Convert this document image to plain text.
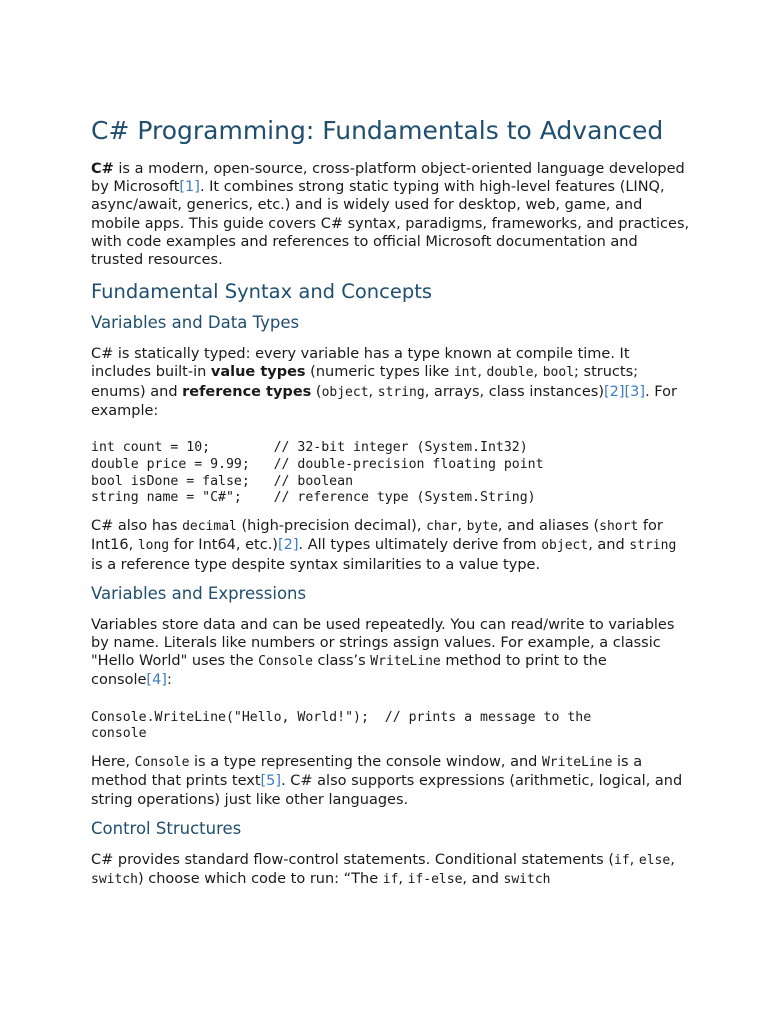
C# Programming: Fundamentals to Advanced

C# is a modern, open-source, cross-platform object-oriented language developed by Microsoft[1]. It combines strong static typing with high-level features (LINQ, async/await, generics, etc.) and is widely used for desktop, web, game, and mobile apps. This guide covers C# syntax, paradigms, frameworks, and practices, with code examples and references to official Microsoft documentation and trusted resources.

Fundamental Syntax and Concepts
Variables and Data Types

C# is statically typed: every variable has a type known at compile time. It includes built-in value types (numeric types like int, double, bool; structs; enums) and reference types (object, string, arrays, class instances)[2][3]. For example:

int count = 10;        // 32-bit integer (System.Int32)
double price = 9.99;   // double-precision floating point
bool isDone = false;   // boolean
string name = "C#";    // reference type (System.String)

C# also has decimal (high-precision decimal), char, byte, and aliases (short for Int16, long for Int64, etc.)[2]. All types ultimately derive from object, and string is a reference type despite syntax similarities to a value type.

Variables and Expressions

Variables store data and can be used repeatedly. You can read/write to variables by name. Literals like numbers or strings assign values. For example, a classic "Hello World" uses the Console class’s WriteLine method to print to the console[4]:

Console.WriteLine("Hello, World!");  // prints a message to the
console

Here, Console is a type representing the console window, and WriteLine is a method that prints text[5]. C# also supports expressions (arithmetic, logical, and string operations) just like other languages.

Control Structures

C# provides standard flow-control statements. Conditional statements (if, else, switch) choose which code to run: “The if, if-else, and switch
